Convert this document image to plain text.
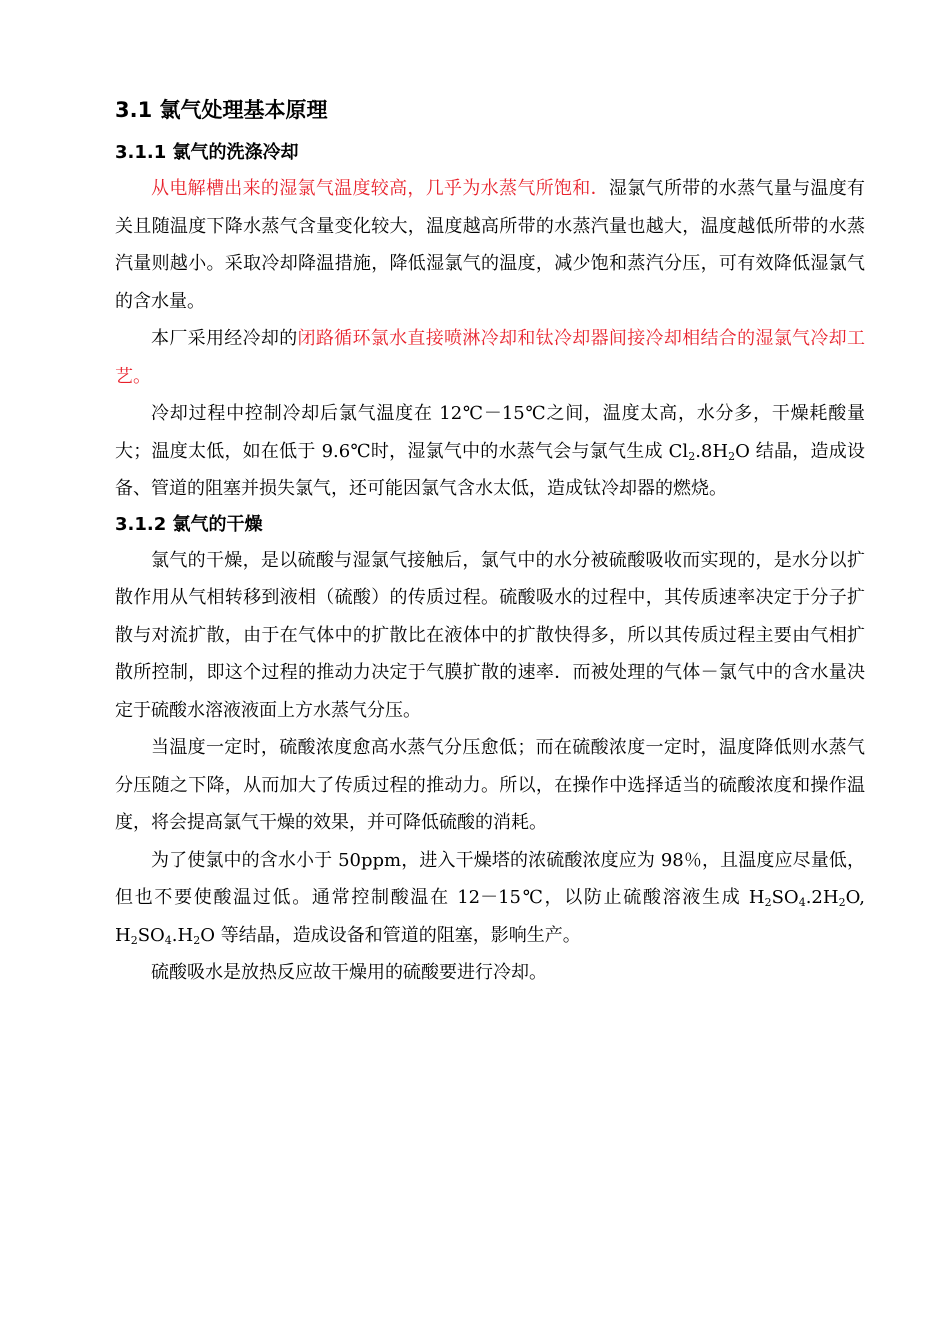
3.1 氯气处理基本原理
3.1.1 氯气的洗涤冷却

从电解槽出来的湿氯气温度较高，几乎为水蒸气所饱和．湿氯气所带的水蒸气量与温度有关且随温度下降水蒸气含量变化较大，温度越高所带的水蒸汽量也越大，温度越低所带的水蒸汽量则越小。采取冷却降温措施，降低湿氯气的温度，减少饱和蒸汽分压，可有效降低湿氯气的含水量。

本厂采用经冷却的闭路循环氯水直接喷淋冷却和钛冷却器间接冷却相结合的湿氯气冷却工艺。

冷却过程中控制冷却后氯气温度在 12℃－15℃之间，温度太高，水分多，干燥耗酸量大；温度太低，如在低于 9.6℃时，湿氯气中的水蒸气会与氯气生成 $Cl_2.8H_2O$ 结晶，造成设备、管道的阻塞并损失氯气，还可能因氯气含水太低，造成钛冷却器的燃烧。

3.1.2 氯气的干燥

氯气的干燥，是以硫酸与湿氯气接触后，氯气中的水分被硫酸吸收而实现的，是水分以扩散作用从气相转移到液相（硫酸）的传质过程。硫酸吸水的过程中，其传质速率决定于分子扩散与对流扩散，由于在气体中的扩散比在液体中的扩散快得多，所以其传质过程主要由气相扩散所控制，即这个过程的推动力决定于气膜扩散的速率．而被处理的气体－氯气中的含水量决定于硫酸水溶液液面上方水蒸气分压。

当温度一定时，硫酸浓度愈高水蒸气分压愈低；而在硫酸浓度一定时，温度降低则水蒸气分压随之下降，从而加大了传质过程的推动力。所以，在操作中选择适当的硫酸浓度和操作温度，将会提高氯气干燥的效果，并可降低硫酸的消耗。

为了使氯中的含水小于 50ppm，进入干燥塔的浓硫酸浓度应为 98％，且温度应尽量低，但也不要使酸温过低。通常控制酸温在 12－15℃，以防止硫酸溶液生成 $H_2SO_4.2H_2O$, $H_2SO_4.H_2O$ 等结晶，造成设备和管道的阻塞，影响生产。

硫酸吸水是放热反应故干燥用的硫酸要进行冷却。
